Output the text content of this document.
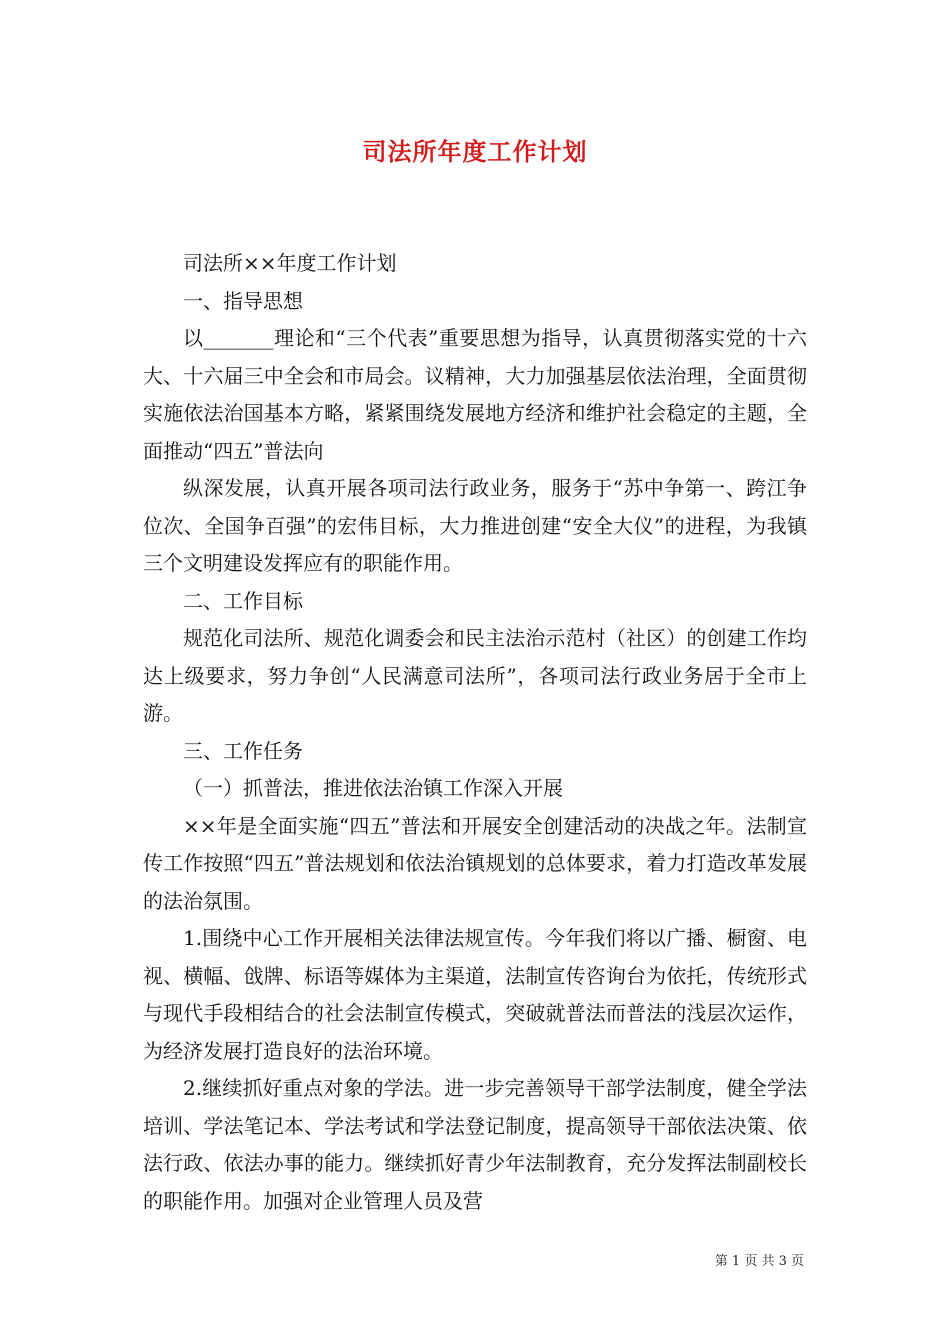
司法所年度工作计划

司法所××年度工作计划

一、指导思想

以_______理论和“三个代表”重要思想为指导，认真贯彻落实党的十六大、十六届三中全会和市局会。议精神，大力加强基层依法治理，全面贯彻实施依法治国基本方略，紧紧围绕发展地方经济和维护社会稳定的主题，全面推动“四五”普法向

纵深发展，认真开展各项司法行政业务，服务于“苏中争第一、跨江争位次、全国争百强”的宏伟目标，大力推进创建“安全大仪”的进程，为我镇三个文明建设发挥应有的职能作用。

二、工作目标

规范化司法所、规范化调委会和民主法治示范村（社区）的创建工作均达上级要求，努力争创“人民满意司法所”，各项司法行政业务居于全市上游。

三、工作任务

（一）抓普法，推进依法治镇工作深入开展

××年是全面实施“四五”普法和开展安全创建活动的决战之年。法制宣传工作按照“四五”普法规划和依法治镇规划的总体要求，着力打造改革发展的法治氛围。

1.围绕中心工作开展相关法律法规宣传。今年我们将以广播、橱窗、电视、横幅、戗牌、标语等媒体为主渠道，法制宣传咨询台为依托，传统形式与现代手段相结合的社会法制宣传模式，突破就普法而普法的浅层次运作，为经济发展打造良好的法治环境。

2.继续抓好重点对象的学法。进一步完善领导干部学法制度，健全学法培训、学法笔记本、学法考试和学法登记制度，提高领导干部依法决策、依法行政、依法办事的能力。继续抓好青少年法制教育，充分发挥法制副校长的职能作用。加强对企业管理人员及营

第 1 页 共 3 页
